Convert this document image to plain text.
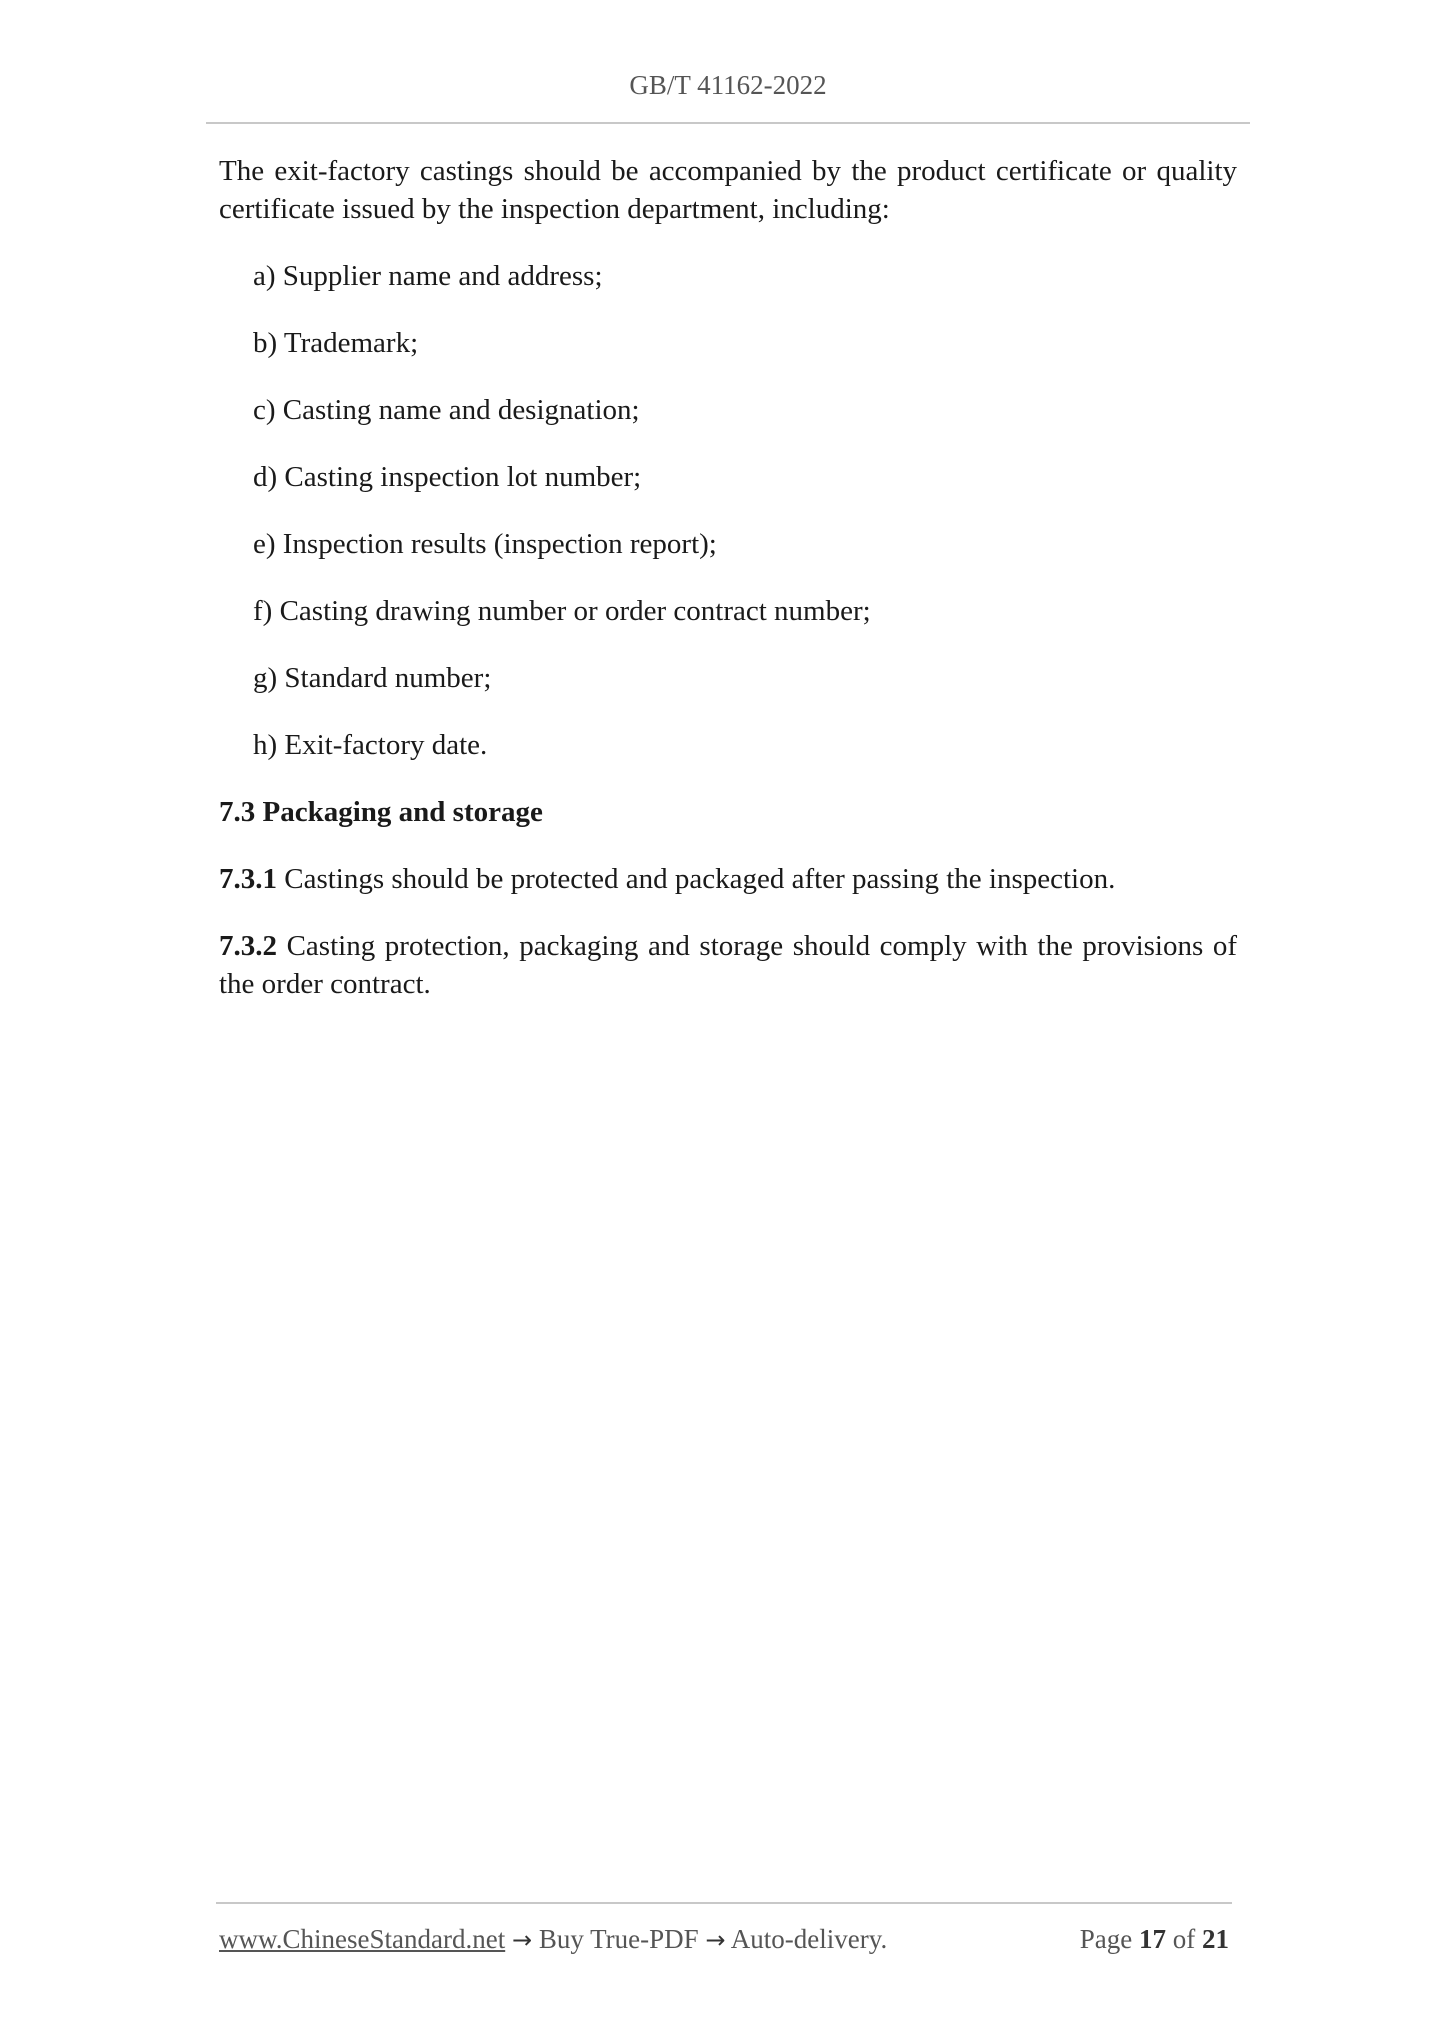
GB/T 41162-2022

The exit-factory castings should be accompanied by the product certificate or quality certificate issued by the inspection department, including:

a) Supplier name and address;
b) Trademark;
c) Casting name and designation;
d) Casting inspection lot number;
e) Inspection results (inspection report);
f) Casting drawing number or order contract number;
g) Standard number;
h) Exit-factory date.

7.3 Packaging and storage

7.3.1 Castings should be protected and packaged after passing the inspection.

7.3.2 Casting protection, packaging and storage should comply with the provisions of the order contract.

www.ChineseStandard.net → Buy True-PDF → Auto-delivery.	Page 17 of 21
